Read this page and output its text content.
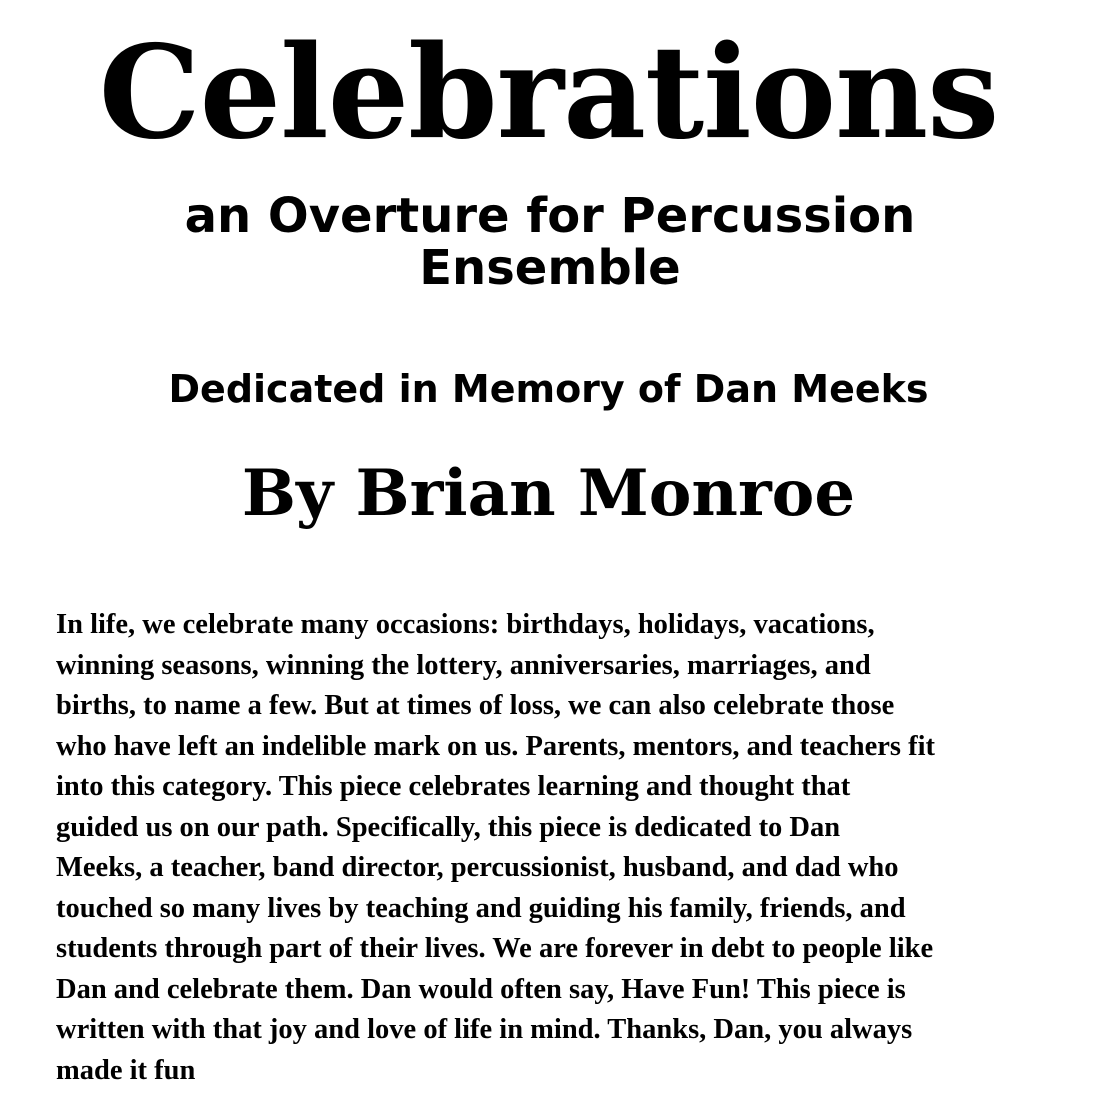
Celebrations
an Overture for Percussion Ensemble
Dedicated in Memory of Dan Meeks
By Brian Monroe
In life, we celebrate many occasions: birthdays, holidays, vacations,
winning seasons, winning the lottery, anniversaries, marriages, and
births, to name a few. But at times of loss, we can also celebrate those
who have left an indelible mark on us. Parents, mentors, and teachers fit
into this category. This piece celebrates learning and thought that
guided us on our path. Specifically, this piece is dedicated to Dan
Meeks, a teacher, band director, percussionist, husband, and dad who
touched so many lives by teaching and guiding his family, friends, and
students through part of their lives. We are forever in debt to people like
Dan and celebrate them. Dan would often say, Have Fun! This piece is
written with that joy and love of life in mind. Thanks, Dan, you always
made it fun
